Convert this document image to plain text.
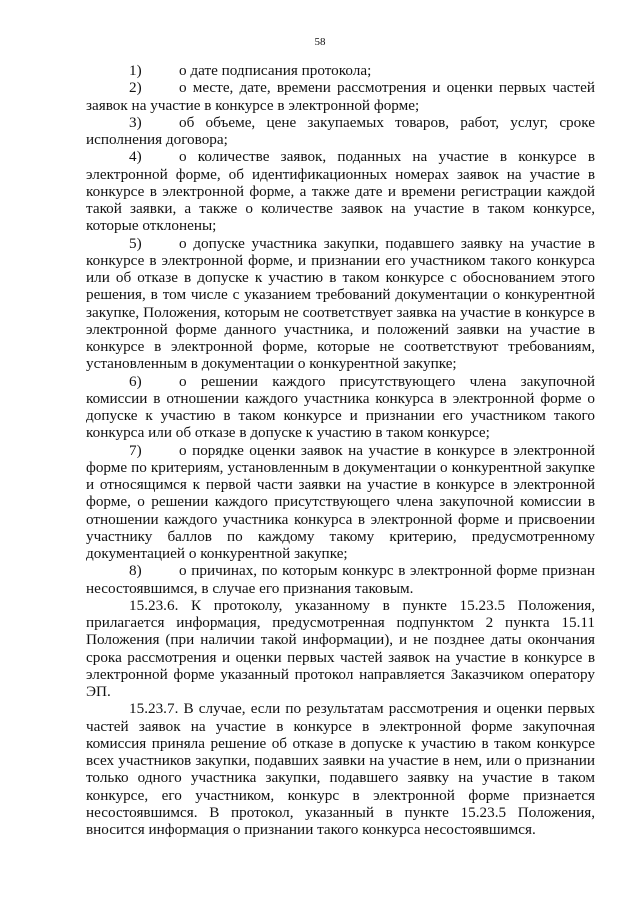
58

1) о дате подписания протокола;

2) о месте, дате, времени рассмотрения и оценки первых частей заявок на участие в конкурсе в электронной форме;

3) об объеме, цене закупаемых товаров, работ, услуг, сроке исполнения договора;

4) о количестве заявок, поданных на участие в конкурсе в электронной форме, об идентификационных номерах заявок на участие в конкурсе в электронной форме, а также дате и времени регистрации каждой такой заявки, а также о количестве заявок на участие в таком конкурсе, которые отклонены;

5) о допуске участника закупки, подавшего заявку на участие в конкурсе в электронной форме, и признании его участником такого конкурса или об отказе в допуске к участию в таком конкурсе с обоснованием этого решения, в том числе с указанием требований документации о конкурентной закупке, Положения, которым не соответствует заявка на участие в конкурсе в электронной форме данного участника, и положений заявки на участие в конкурсе в электронной форме, которые не соответствуют требованиям, установленным в документации о конкурентной закупке;

6) о решении каждого присутствующего члена закупочной комиссии в отношении каждого участника конкурса в электронной форме о допуске к участию в таком конкурсе и признании его участником такого конкурса или об отказе в допуске к участию в таком конкурсе;

7) о порядке оценки заявок на участие в конкурсе в электронной форме по критериям, установленным в документации о конкурентной закупке и относящимся к первой части заявки на участие в конкурсе в электронной форме, о решении каждого присутствующего члена закупочной комиссии в отношении каждого участника конкурса в электронной форме и присвоении участнику баллов по каждому такому критерию, предусмотренному документацией о конкурентной закупке;

8) о причинах, по которым конкурс в электронной форме признан несостоявшимся, в случае его признания таковым.

15.23.6. К протоколу, указанному в пункте 15.23.5 Положения, прилагается информация, предусмотренная подпунктом 2 пункта 15.11 Положения (при наличии такой информации), и не позднее даты окончания срока рассмотрения и оценки первых частей заявок на участие в конкурсе в электронной форме указанный протокол направляется Заказчиком оператору ЭП.

15.23.7. В случае, если по результатам рассмотрения и оценки первых частей заявок на участие в конкурсе в электронной форме закупочная комиссия приняла решение об отказе в допуске к участию в таком конкурсе всех участников закупки, подавших заявки на участие в нем, или о признании только одного участника закупки, подавшего заявку на участие в таком конкурсе, его участником, конкурс в электронной форме признается несостоявшимся. В протокол, указанный в пункте 15.23.5 Положения, вносится информация о признании такого конкурса несостоявшимся.
